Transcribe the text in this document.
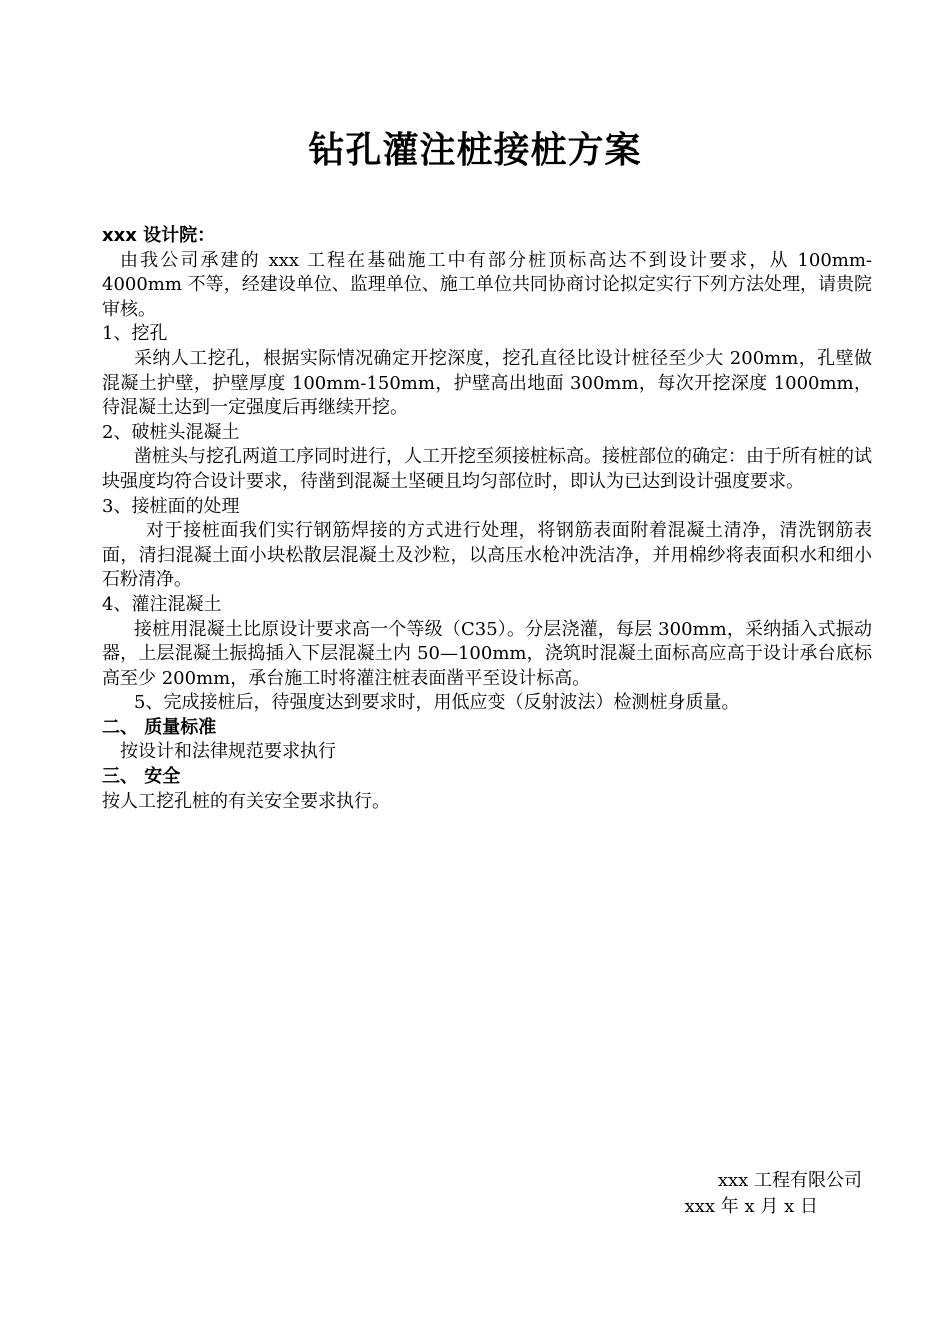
钻孔灌注桩接桩方案

xxx 设计院：

由我公司承建的 xxx 工程在基础施工中有部分桩顶标高达不到设计要求，从 100mm-4000mm 不等，经建设单位、监理单位、施工单位共同协商讨论拟定实行下列方法处理，请贵院审核。

1、挖孔

采纳人工挖孔，根据实际情况确定开挖深度，挖孔直径比设计桩径至少大 200mm，孔壁做混凝土护壁，护壁厚度 100mm-150mm，护壁高出地面 300mm，每次开挖深度 1000mm，待混凝土达到一定强度后再继续开挖。

2、破桩头混凝土

凿桩头与挖孔两道工序同时进行，人工开挖至须接桩标高。接桩部位的确定：由于所有桩的试块强度均符合设计要求，待凿到混凝土坚硬且均匀部位时，即认为已达到设计强度要求。

3、接桩面的处理

对于接桩面我们实行钢筋焊接的方式进行处理，将钢筋表面附着混凝土清净，清洗钢筋表面，清扫混凝土面小块松散层混凝土及沙粒，以高压水枪冲洗洁净，并用棉纱将表面积水和细小石粉清净。

4、灌注混凝土

接桩用混凝土比原设计要求高一个等级（C35）。分层浇灌，每层 300mm，采纳插入式振动器，上层混凝土振捣插入下层混凝土内 50—100mm，浇筑时混凝土面标高应高于设计承台底标高至少 200mm，承台施工时将灌注桩表面凿平至设计标高。

5、完成接桩后，待强度达到要求时，用低应变（反射波法）检测桩身质量。

二、 质量标准

按设计和法律规范要求执行

三、 安全

按人工挖孔桩的有关安全要求执行。

xxx 工程有限公司

xxx 年 x 月 x 日
